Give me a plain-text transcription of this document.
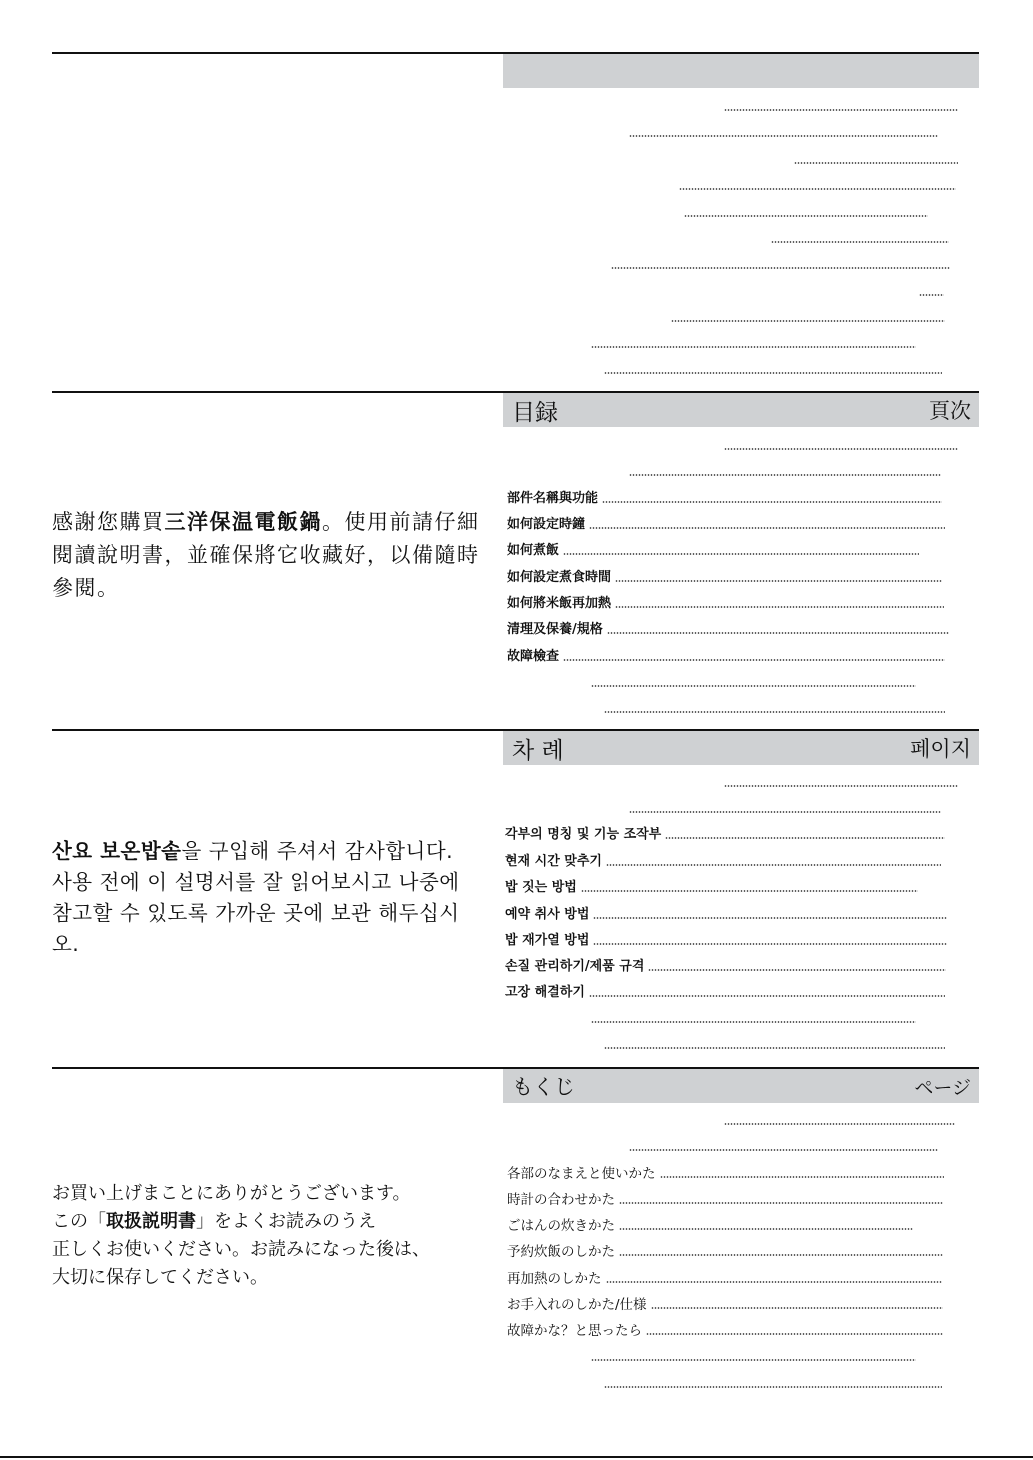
目録	頁次

感謝您購買三洋保温電飯鍋。使用前請仔細閱讀說明書，並確保將它收藏好，以備隨時參閱。

部件名稱與功能
如何設定時鐘
如何煮飯
如何設定煮食時間
如何將米飯再加熱
清理及保養/規格
故障檢查
차 례	페이지

산요 보온밥솥을 구입해 주셔서 감사합니다. 사용 전에 이 설명서를 잘 읽어보시고 나중에 참고할 수 있도록 가까운 곳에 보관 해두십시오.

각부의 명칭 및 기능 조작부
현재 시간 맞추기
밥 짓는 방법
예약 취사 방법
밥 재가열 방법
손질 관리하기/제품 규격
고장 해결하기
もくじ	ページ
お買い上げまことにありがとうございます。
この「取扱説明書」をよくお読みのうえ
正しくお使いください。お読みになった後は、
大切に保存してください。
各部のなまえと使いかた
時計の合わせかた
ごはんの炊きかた
予約炊飯のしかた
再加熱のしかた
お手入れのしかた/仕様
故障かな？と思ったら
